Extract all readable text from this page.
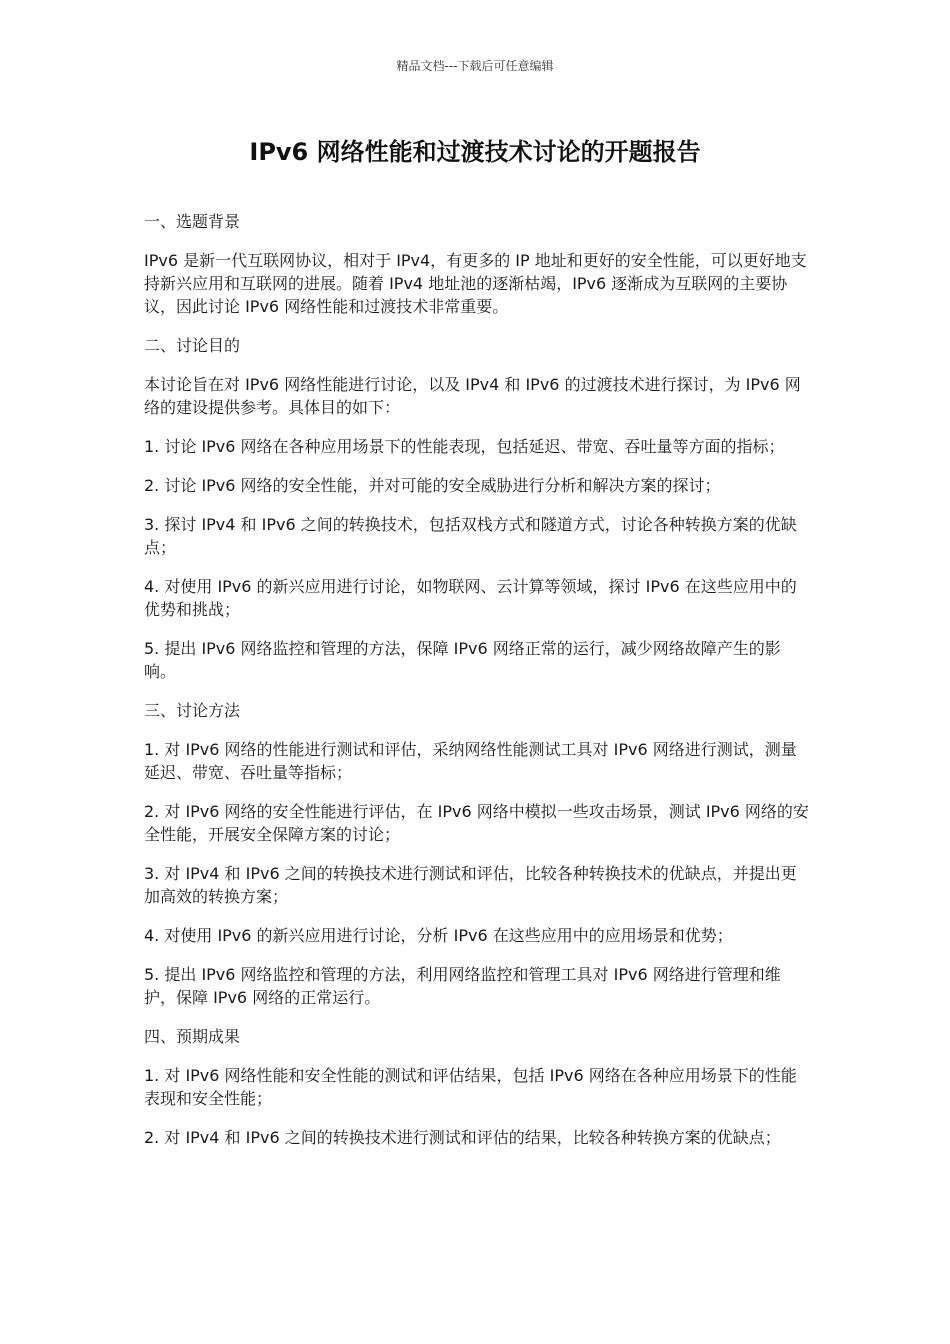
精品文档---下载后可任意编辑
IPv6 网络性能和过渡技术讨论的开题报告

一、选题背景

IPv6 是新一代互联网协议，相对于 IPv4，有更多的 IP 地址和更好的安全性能，可以更好地支持新兴应用和互联网的进展。随着 IPv4 地址池的逐渐枯竭，IPv6 逐渐成为互联网的主要协议，因此讨论 IPv6 网络性能和过渡技术非常重要。

二、讨论目的

本讨论旨在对 IPv6 网络性能进行讨论，以及 IPv4 和 IPv6 的过渡技术进行探讨，为 IPv6 网络的建设提供参考。具体目的如下：

1. 讨论 IPv6 网络在各种应用场景下的性能表现，包括延迟、带宽、吞吐量等方面的指标；

2. 讨论 IPv6 网络的安全性能，并对可能的安全威胁进行分析和解决方案的探讨；

3. 探讨 IPv4 和 IPv6 之间的转换技术，包括双栈方式和隧道方式，讨论各种转换方案的优缺点；

4. 对使用 IPv6 的新兴应用进行讨论，如物联网、云计算等领域，探讨 IPv6 在这些应用中的优势和挑战；

5. 提出 IPv6 网络监控和管理的方法，保障 IPv6 网络正常的运行，减少网络故障产生的影响。

三、讨论方法

1. 对 IPv6 网络的性能进行测试和评估，采纳网络性能测试工具对 IPv6 网络进行测试，测量延迟、带宽、吞吐量等指标；

2. 对 IPv6 网络的安全性能进行评估，在 IPv6 网络中模拟一些攻击场景，测试 IPv6 网络的安全性能，开展安全保障方案的讨论；

3. 对 IPv4 和 IPv6 之间的转换技术进行测试和评估，比较各种转换技术的优缺点，并提出更加高效的转换方案；

4. 对使用 IPv6 的新兴应用进行讨论，分析 IPv6 在这些应用中的应用场景和优势；

5. 提出 IPv6 网络监控和管理的方法，利用网络监控和管理工具对 IPv6 网络进行管理和维护，保障 IPv6 网络的正常运行。

四、预期成果

1. 对 IPv6 网络性能和安全性能的测试和评估结果，包括 IPv6 网络在各种应用场景下的性能表现和安全性能；

2. 对 IPv4 和 IPv6 之间的转换技术进行测试和评估的结果，比较各种转换方案的优缺点；
